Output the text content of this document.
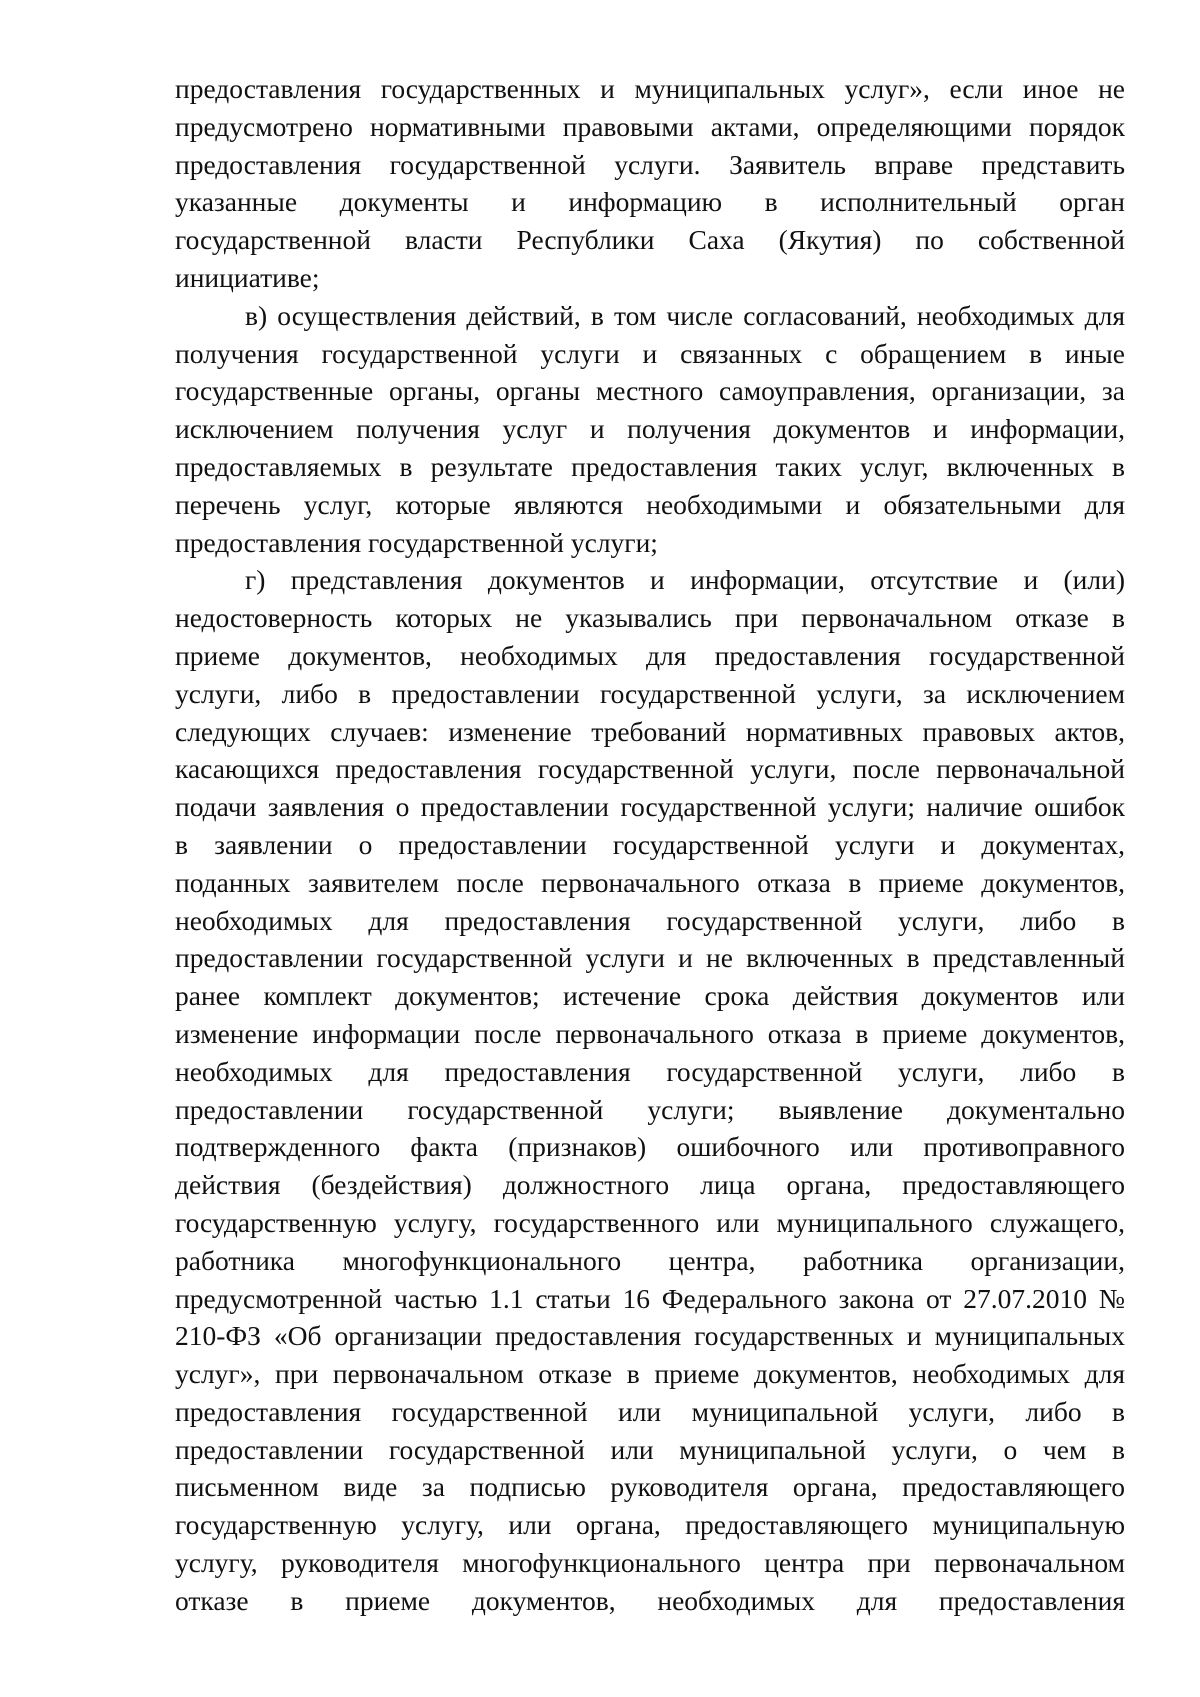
предоставления государственных и муниципальных услуг», если иное не
предусмотрено нормативными правовыми актами, определяющими порядок
предоставления государственной услуги. Заявитель вправе представить
указанные документы и информацию в исполнительный орган
государственной власти Республики Саха (Якутия) по собственной
инициативе;
в) осуществления действий, в том числе согласований, необходимых для
получения государственной услуги и связанных с обращением в иные
государственные органы, органы местного самоуправления, организации, за
исключением получения услуг и получения документов и информации,
предоставляемых в результате предоставления таких услуг, включенных в
перечень услуг, которые являются необходимыми и обязательными для
предоставления государственной услуги;
г) представления документов и информации, отсутствие и (или)
недостоверность которых не указывались при первоначальном отказе в
приеме документов, необходимых для предоставления государственной
услуги, либо в предоставлении государственной услуги, за исключением
следующих случаев: изменение требований нормативных правовых актов,
касающихся предоставления государственной услуги, после первоначальной
подачи заявления о предоставлении государственной услуги; наличие ошибок
в заявлении о предоставлении государственной услуги и документах,
поданных заявителем после первоначального отказа в приеме документов,
необходимых для предоставления государственной услуги, либо в
предоставлении государственной услуги и не включенных в представленный
ранее комплект документов; истечение срока действия документов или
изменение информации после первоначального отказа в приеме документов,
необходимых для предоставления государственной услуги, либо в
предоставлении государственной услуги; выявление документально
подтвержденного факта (признаков) ошибочного или противоправного
действия (бездействия) должностного лица органа, предоставляющего
государственную услугу, государственного или муниципального служащего,
работника многофункционального центра, работника организации,
предусмотренной частью 1.1 статьи 16 Федерального закона от 27.07.2010 №
210-ФЗ «Об организации предоставления государственных и муниципальных
услуг», при первоначальном отказе в приеме документов, необходимых для
предоставления государственной или муниципальной услуги, либо в
предоставлении государственной или муниципальной услуги, о чем в
письменном виде за подписью руководителя органа, предоставляющего
государственную услугу, или органа, предоставляющего муниципальную
услугу, руководителя многофункционального центра при первоначальном
отказе в приеме документов, необходимых для предоставления
